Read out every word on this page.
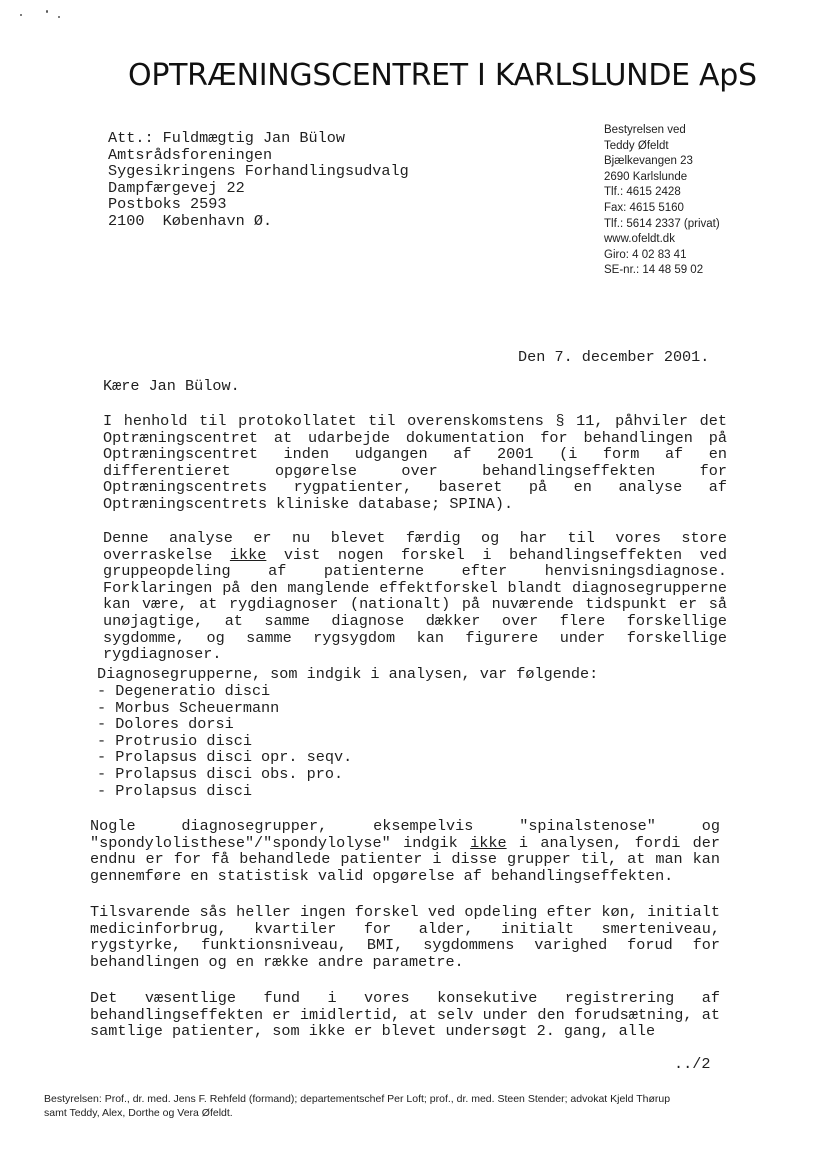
OPTRÆNINGSCENTRET I KARLSLUNDE ApS
Att.: Fuldmægtig Jan Bülow
Amtsrådsforeningen
Sygesikringens Forhandlingsudvalg
Dampfærgevej 22
Postboks 2593
2100  København Ø.
Bestyrelsen ved
Teddy Øfeldt
Bjælkevangen 23
2690 Karlslunde
Tlf.: 4615 2428
Fax: 4615 5160
Tlf.: 5614 2337 (privat)
www.ofeldt.dk
Giro: 4 02 83 41
SE-nr.: 14 48 59 02
Den 7. december 2001.
Kære Jan Bülow.
I henhold til protokollatet til overenskomstens § 11, påhviler det Optræningscentret at udarbejde dokumentation for behandlingen på Optræningscentret inden udgangen af 2001 (i form af en differentieret opgørelse over behandlingseffekten for Optræningscentrets rygpatienter, baseret på en analyse af Optræningscentrets kliniske database; SPINA).
Denne analyse er nu blevet færdig og har til vores store overraskelse ikke vist nogen forskel i behandlingseffekten ved gruppeopdeling af patienterne efter henvisningsdiagnose. Forklaringen på den manglende effektforskel blandt diagnosegrupperne kan være, at rygdiagnoser (nationalt) på nuværende tidspunkt er så unøjagtige, at samme diagnose dækker over flere forskellige sygdomme, og samme rygsygdom kan figurere under forskellige rygdiagnoser.
Diagnosegrupperne, som indgik i analysen, var følgende:
- Degeneratio disci
- Morbus Scheuermann
- Dolores dorsi
- Protrusio disci
- Prolapsus disci opr. seqv.
- Prolapsus disci obs. pro.
- Prolapsus disci
Nogle diagnosegrupper, eksempelvis "spinalstenose" og "spondylolisthese"/"spondylolyse" indgik ikke i analysen, fordi der endnu er for få behandlede patienter i disse grupper til, at man kan gennemføre en statistisk valid opgørelse af behandlingseffekten.
Tilsvarende sås heller ingen forskel ved opdeling efter køn, initialt medicinforbrug, kvartiler for alder, initialt smerteniveau, rygstyrke, funktionsniveau, BMI, sygdommens varighed forud for behandlingen og en række andre parametre.
Det væsentlige fund i vores konsekutive registrering af behandlingseffekten er imidlertid, at selv under den forudsætning, at samtlige patienter, som ikke er blevet undersøgt 2. gang, alle
../2
Bestyrelsen: Prof., dr. med. Jens F. Rehfeld (formand); departementschef Per Loft; prof., dr. med. Steen Stender; advokat Kjeld Thørup
samt Teddy, Alex, Dorthe og Vera Øfeldt.
